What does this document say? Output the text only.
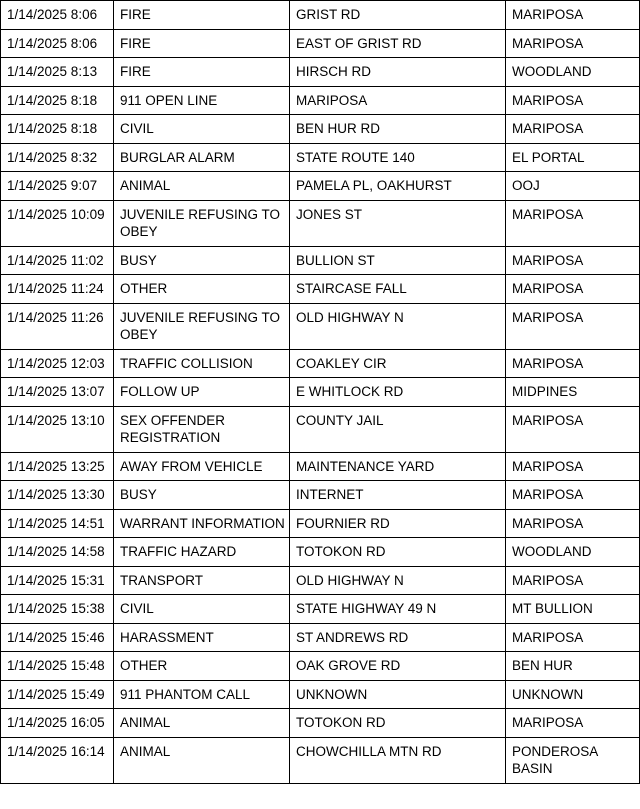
1/14/2025 8:06	FIRE	GRIST RD	MARIPOSA
1/14/2025 8:06	FIRE	EAST OF GRIST RD	MARIPOSA
1/14/2025 8:13	FIRE	HIRSCH RD	WOODLAND
1/14/2025 8:18	911 OPEN LINE	MARIPOSA	MARIPOSA
1/14/2025 8:18	CIVIL	BEN HUR RD	MARIPOSA
1/14/2025 8:32	BURGLAR ALARM	STATE ROUTE 140	EL PORTAL
1/14/2025 9:07	ANIMAL	PAMELA PL, OAKHURST	OOJ
1/14/2025 10:09	JUVENILE REFUSING TO OBEY	JONES ST	MARIPOSA
1/14/2025 11:02	BUSY	BULLION ST	MARIPOSA
1/14/2025 11:24	OTHER	STAIRCASE FALL	MARIPOSA
1/14/2025 11:26	JUVENILE REFUSING TO OBEY	OLD HIGHWAY N	MARIPOSA
1/14/2025 12:03	TRAFFIC COLLISION	COAKLEY CIR	MARIPOSA
1/14/2025 13:07	FOLLOW UP	E WHITLOCK RD	MIDPINES
1/14/2025 13:10	SEX OFFENDER REGISTRATION	COUNTY JAIL	MARIPOSA
1/14/2025 13:25	AWAY FROM VEHICLE	MAINTENANCE YARD	MARIPOSA
1/14/2025 13:30	BUSY	INTERNET	MARIPOSA
1/14/2025 14:51	WARRANT INFORMATION	FOURNIER RD	MARIPOSA
1/14/2025 14:58	TRAFFIC HAZARD	TOTOKON RD	WOODLAND
1/14/2025 15:31	TRANSPORT	OLD HIGHWAY N	MARIPOSA
1/14/2025 15:38	CIVIL	STATE HIGHWAY 49 N	MT BULLION
1/14/2025 15:46	HARASSMENT	ST ANDREWS RD	MARIPOSA
1/14/2025 15:48	OTHER	OAK GROVE RD	BEN HUR
1/14/2025 15:49	911 PHANTOM CALL	UNKNOWN	UNKNOWN
1/14/2025 16:05	ANIMAL	TOTOKON RD	MARIPOSA
1/14/2025 16:14	ANIMAL	CHOWCHILLA MTN RD	PONDEROSA BASIN
